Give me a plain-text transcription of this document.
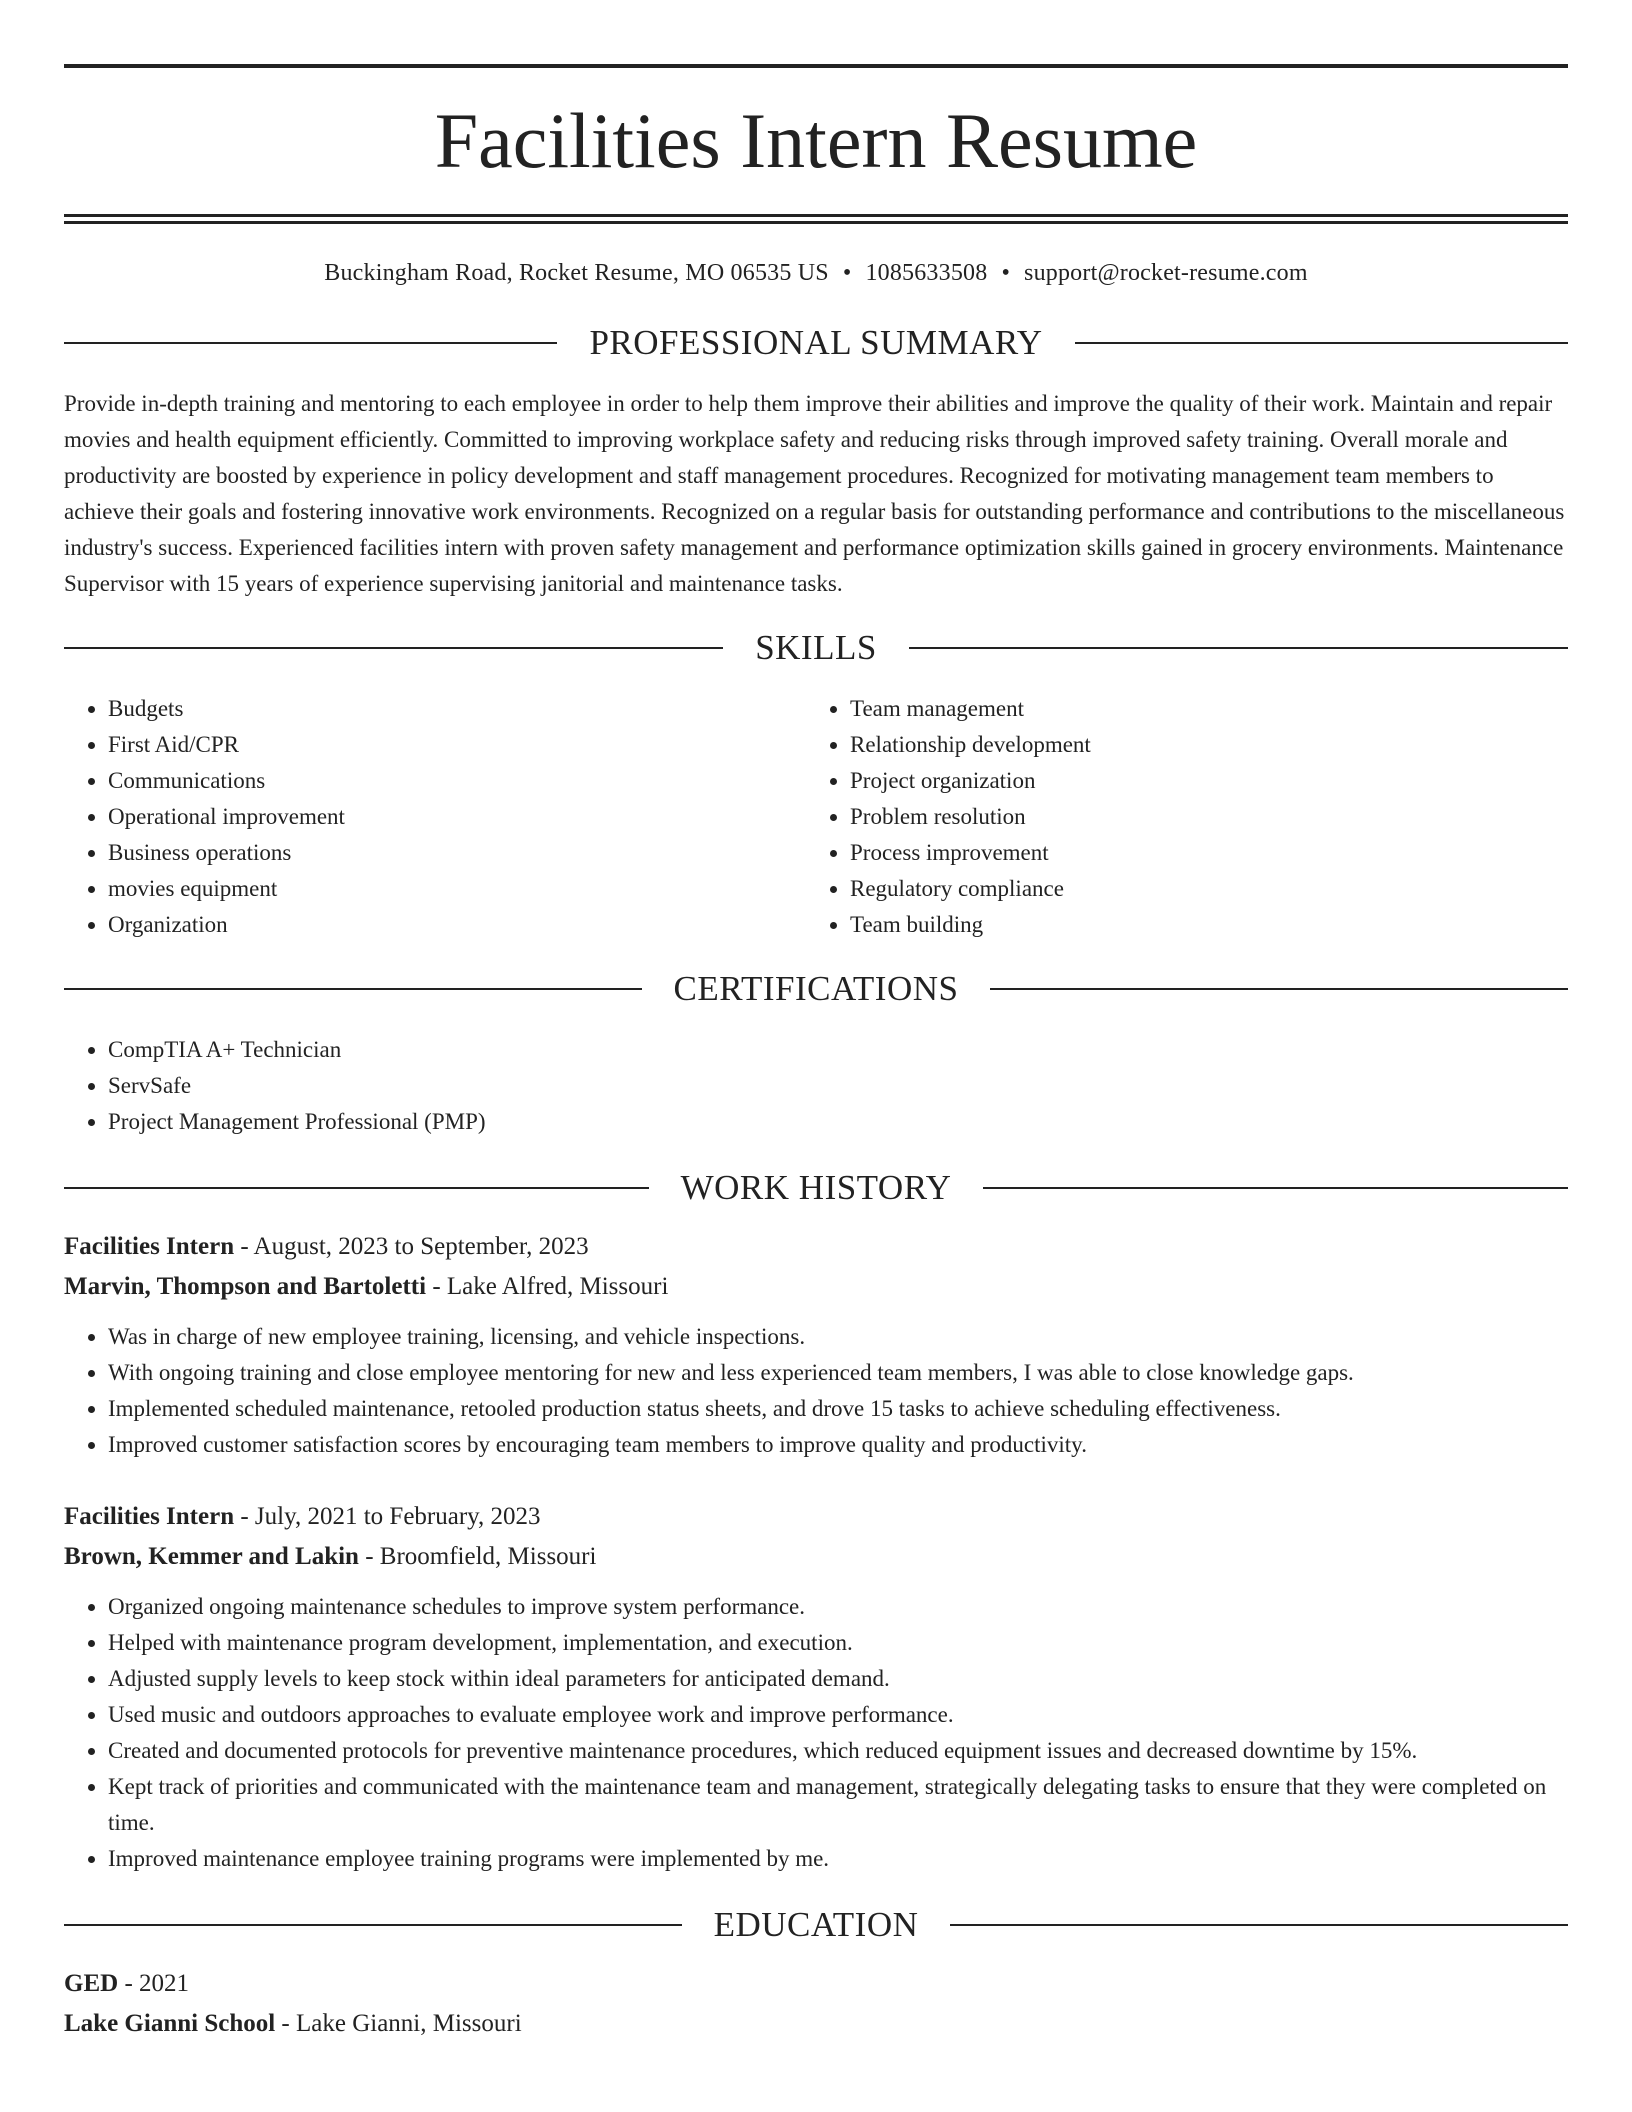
Facilities Intern Resume
Buckingham Road, Rocket Resume, MO 06535 US • 1085633508 • support@rocket-resume.com
PROFESSIONAL SUMMARY

Provide in-depth training and mentoring to each employee in order to help them improve their abilities and improve the quality of their work. Maintain and repair movies and health equipment efficiently. Committed to improving workplace safety and reducing risks through improved safety training. Overall morale and productivity are boosted by experience in policy development and staff management procedures. Recognized for motivating management team members to achieve their goals and fostering innovative work environments. Recognized on a regular basis for outstanding performance and contributions to the miscellaneous industry's success. Experienced facilities intern with proven safety management and performance optimization skills gained in grocery environments. Maintenance Supervisor with 15 years of experience supervising janitorial and maintenance tasks.

SKILLS
• Budgets
• First Aid/CPR
• Communications
• Operational improvement
• Business operations
• movies equipment
• Organization
• Team management
• Relationship development
• Project organization
• Problem resolution
• Process improvement
• Regulatory compliance
• Team building
CERTIFICATIONS
• CompTIA A+ Technician
• ServSafe
• Project Management Professional (PMP)
WORK HISTORY
Facilities Intern - August, 2023 to September, 2023
Marvin, Thompson and Bartoletti - Lake Alfred, Missouri
• Was in charge of new employee training, licensing, and vehicle inspections.
• With ongoing training and close employee mentoring for new and less experienced team members, I was able to close knowledge gaps.
• Implemented scheduled maintenance, retooled production status sheets, and drove 15 tasks to achieve scheduling effectiveness.
• Improved customer satisfaction scores by encouraging team members to improve quality and productivity.
Facilities Intern - July, 2021 to February, 2023
Brown, Kemmer and Lakin - Broomfield, Missouri
• Organized ongoing maintenance schedules to improve system performance.
• Helped with maintenance program development, implementation, and execution.
• Adjusted supply levels to keep stock within ideal parameters for anticipated demand.
• Used music and outdoors approaches to evaluate employee work and improve performance.
• Created and documented protocols for preventive maintenance procedures, which reduced equipment issues and decreased downtime by 15%.
• Kept track of priorities and communicated with the maintenance team and management, strategically delegating tasks to ensure that they were completed on time.
• Improved maintenance employee training programs were implemented by me.
EDUCATION
GED - 2021
Lake Gianni School - Lake Gianni, Missouri
